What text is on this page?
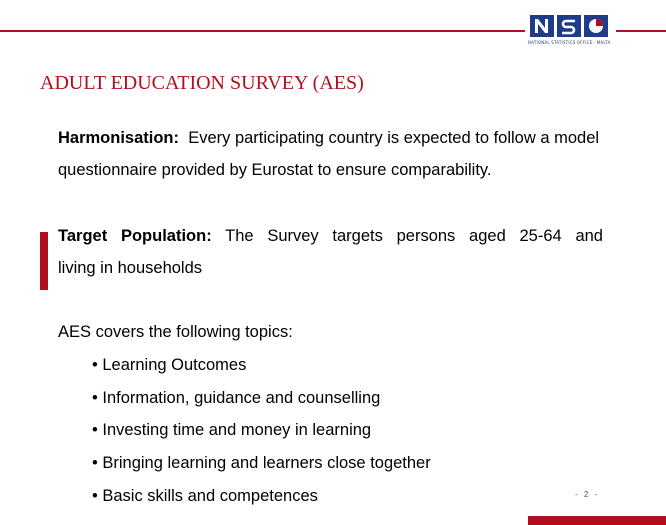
NATIONAL STATISTICS OFFICE · MALTA
ADULT EDUCATION SURVEY (AES)
Harmonisation: Every participating country is expected to follow a model questionnaire provided by Eurostat to ensure comparability.
Target Population: The Survey targets persons aged 25-64 and
living in households
AES covers the following topics:
• Learning Outcomes
• Information, guidance and counselling
• Investing time and money in learning
• Bringing learning and learners close together
• Basic skills and competences	- 2 -
